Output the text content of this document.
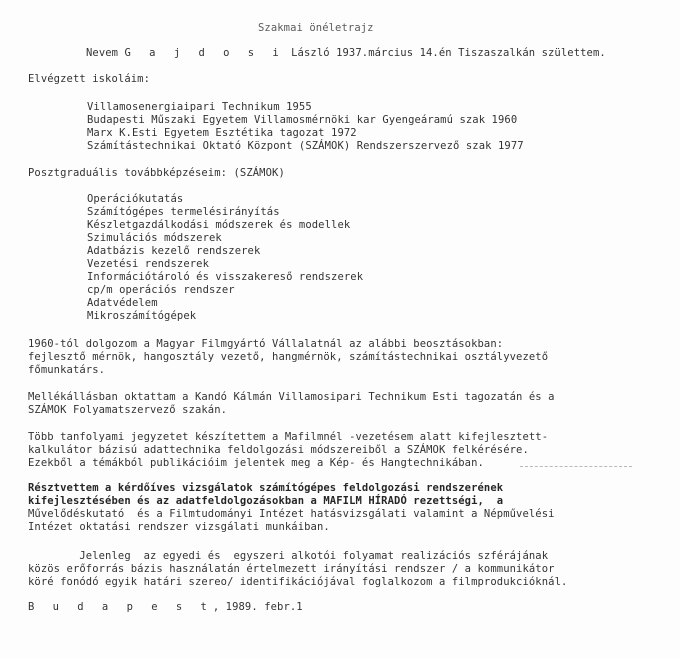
Szakmai önéletrajz
Nevem G a j d o s i László 1937.március 14.én Tiszaszalkán születtem.
Elvégzett iskoláim:
Villamosenergiaipari Technikum 1955
Budapesti Műszaki Egyetem Villamosmérnöki kar Gyengeáramú szak 1960
Marx K.Esti Egyetem Esztétika tagozat 1972
Számítástechnikai Oktató Központ (SZÁMOK) Rendszerszervező szak 1977
Posztgraduális továbbképzéseim: (SZÁMOK)
Operációkutatás
Számítógépes termelésirányítás
Készletgazdálkodási módszerek és modellek
Szimulációs módszerek
Adatbázis kezelő rendszerek
Vezetési rendszerek
Információtároló és visszakereső rendszerek
cp/m operációs rendszer
Adatvédelem
Mikroszámítógépek
1960-tól dolgozom a Magyar Filmgyártó Vállalatnál az alábbi beosztásokban:
fejlesztő mérnök, hangosztály vezető, hangmérnök, számítástechnikai osztályvezető
főmunkatárs.
Mellékállásban oktattam a Kandó Kálmán Villamosipari Technikum Esti tagozatán és a
SZÁMOK Folyamatszervező szakán.
Több tanfolyami jegyzetet készítettem a Mafilmnél -vezetésem alatt kifejlesztett-
kalkulátor bázisú adattechnika feldolgozási módszereiből a SZÁMOK felkérésére.
Ezekből a témákból publikációim jelentek meg a Kép- és Hangtechnikában.
Résztvettem a kérdőíves vizsgálatok számítógépes feldolgozási rendszerének
kifejlesztésében és az adatfeldolgozásokban a MAFILM HÍRADÓ rezettségi,  a
Művelődéskutató  és a Filmtudományi Intézet hatásvizsgálati valamint a Népművelési
Intézet oktatási rendszer vizsgálati munkáiban.
Jelenleg  az egyedi és  egyszeri alkotói folyamat realizációs szférájának
közös erőforrás bázis használatán értelmezett irányítási rendszer / a kommunikátor
köré fonódó egyik határi szereo/ identifikációjával foglalkozom a filmprodukcióknál.
B u d a p e s t, 1989. febr.1
